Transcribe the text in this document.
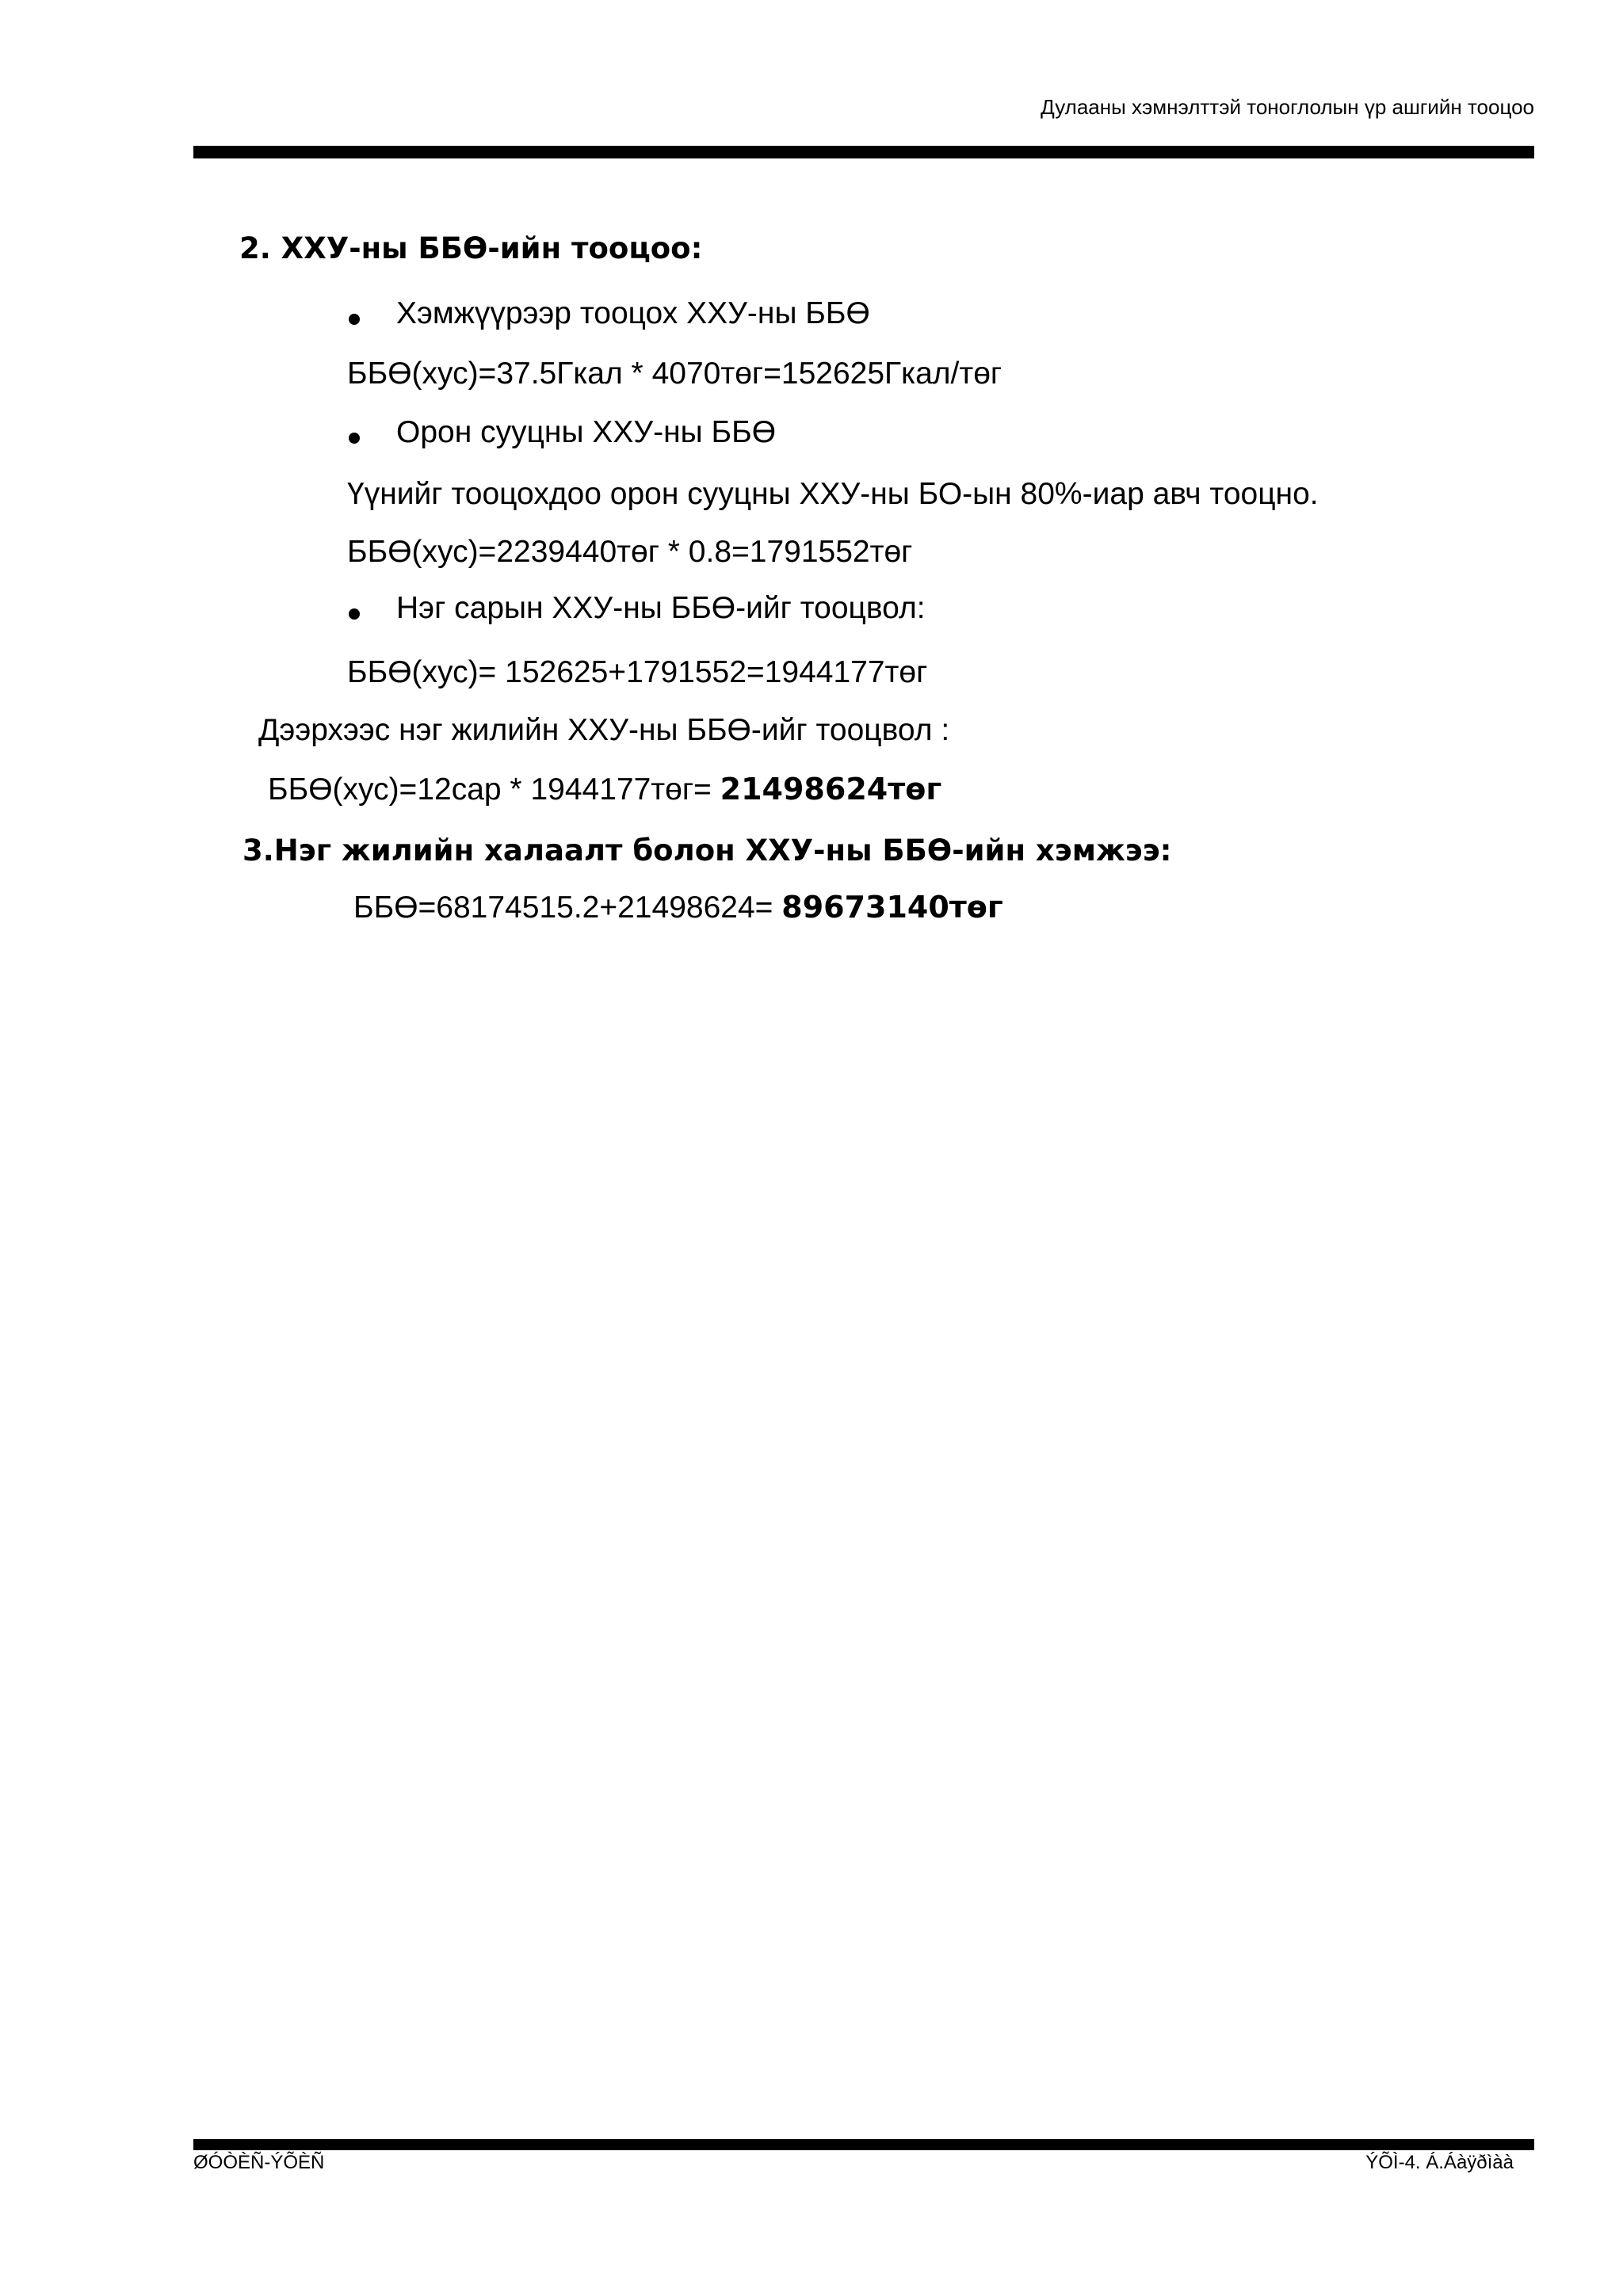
Дулааны хэмнэлттэй тоноглолын үр ашгийн тооцоо
2. ХХУ-ны ББӨ-ийн тооцоо:
Хэмжүүрээр тооцох ХХУ-ны ББӨ
ББӨ(хус)=37.5Гкал * 4070төг=152625Гкал/төг
Орон сууцны ХХУ-ны ББӨ
Үүнийг тооцохдоо орон сууцны ХХУ-ны БО-ын 80%-иар авч тооцно.
ББӨ(хус)=2239440төг * 0.8=1791552төг
Нэг сарын ХХУ-ны ББӨ-ийг тооцвол:
ББӨ(хус)= 152625+1791552=1944177төг
Дээрхээс нэг жилийн ХХУ-ны ББӨ-ийг тооцвол :
ББӨ(хус)=12сар * 1944177төг= 21498624төг
3.Нэг жилийн халаалт болон ХХУ-ны ББӨ-ийн хэмжээ:
ББӨ=68174515.2+21498624= 89673140төг
ØÓÒÈÑ-ÝÕÈÑ	ÝÕÌ-4. Á.Áàÿðìàà
